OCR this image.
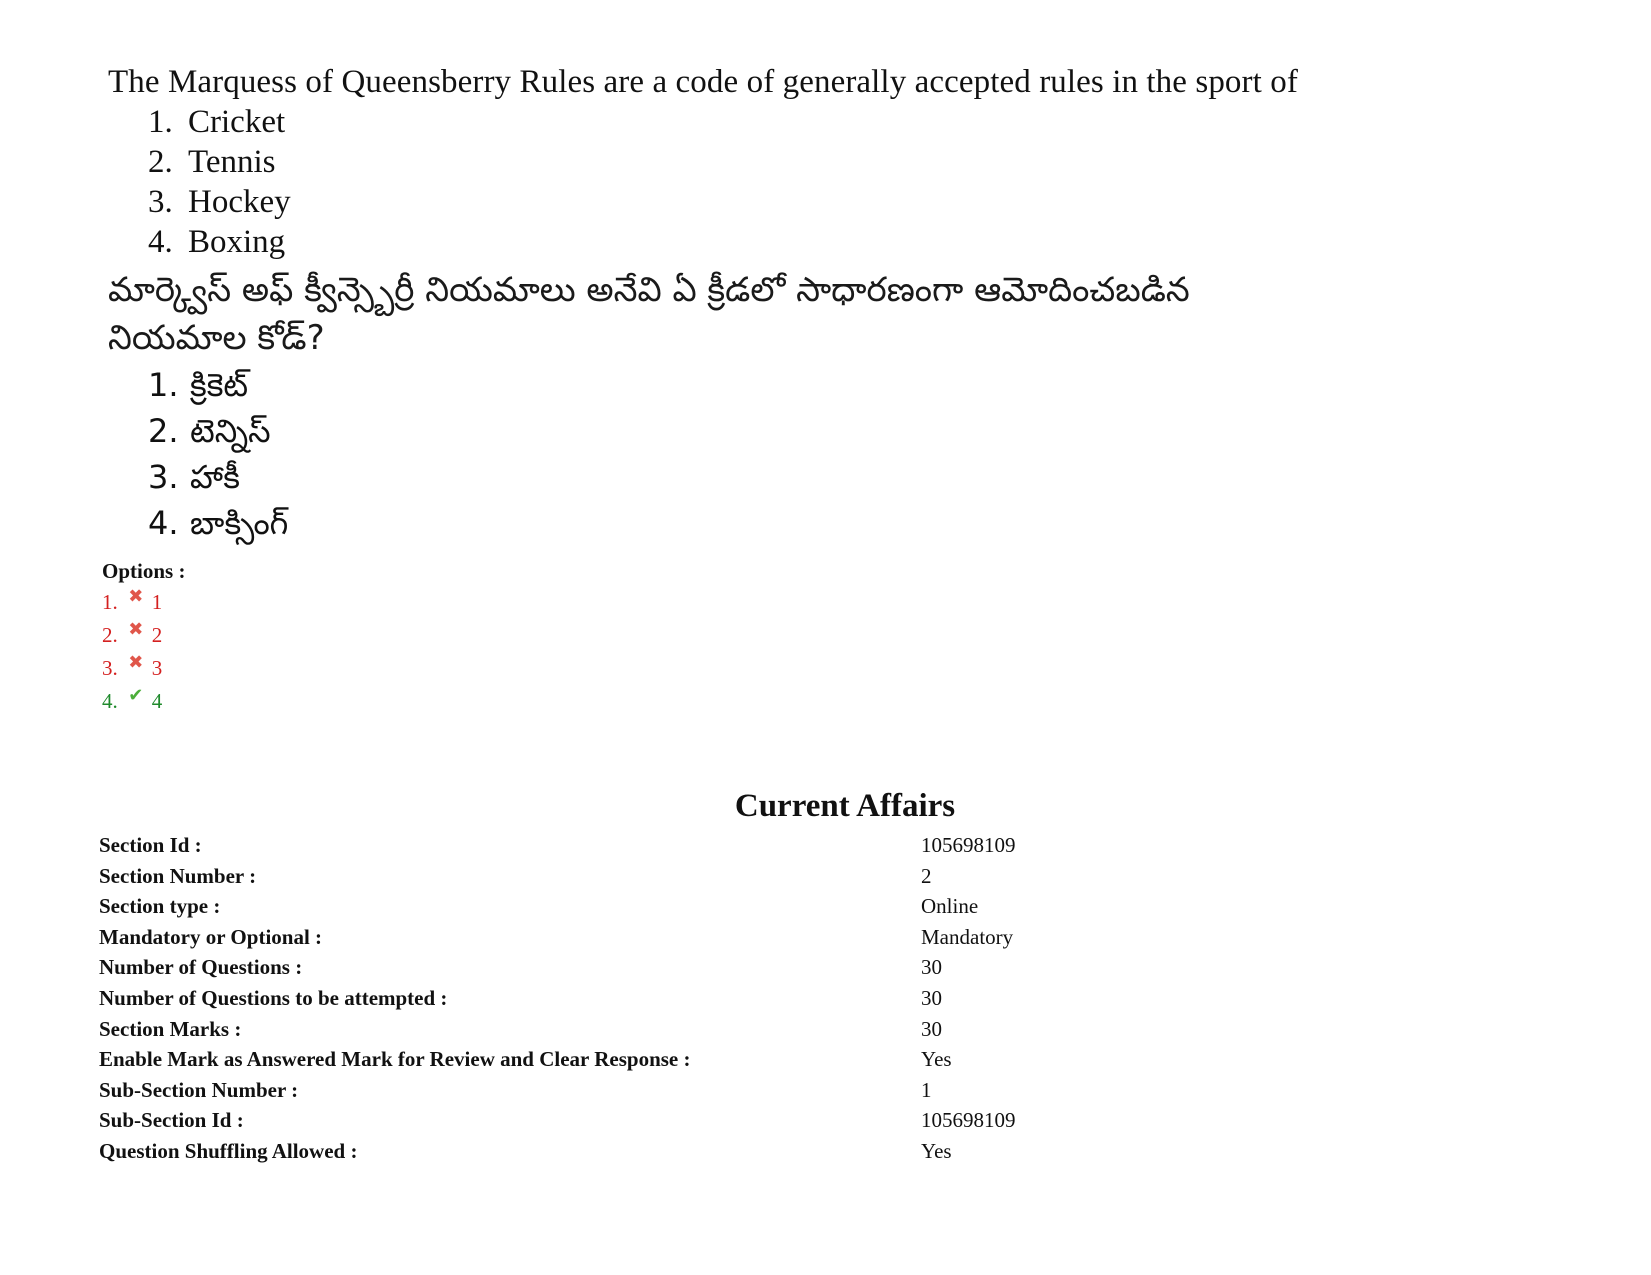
The Marquess of Queensberry Rules are a code of generally accepted rules in the sport of
1. Cricket
2. Tennis
3. Hockey
4. Boxing
మార్క్వెస్ అఫ్ క్వీన్స్బెర్రీ నియమాలు అనేవి ఏ క్రీడలో సాధారణంగా ఆమోదించబడిన
నియమాల కోడ్?
1. క్రికెట్
2. టెన్నిస్
3. హాకీ
4. బాక్సింగ్
Options :
1. ✖ 1
2. ✖ 2
3. ✖ 3
4. ✔ 4
Current Affairs
Section Id :	105698109
Section Number :	2
Section type :	Online
Mandatory or Optional :	Mandatory
Number of Questions :	30
Number of Questions to be attempted :	30
Section Marks :	30
Enable Mark as Answered Mark for Review and Clear Response :	Yes
Sub-Section Number :	1
Sub-Section Id :	105698109
Question Shuffling Allowed :	Yes
